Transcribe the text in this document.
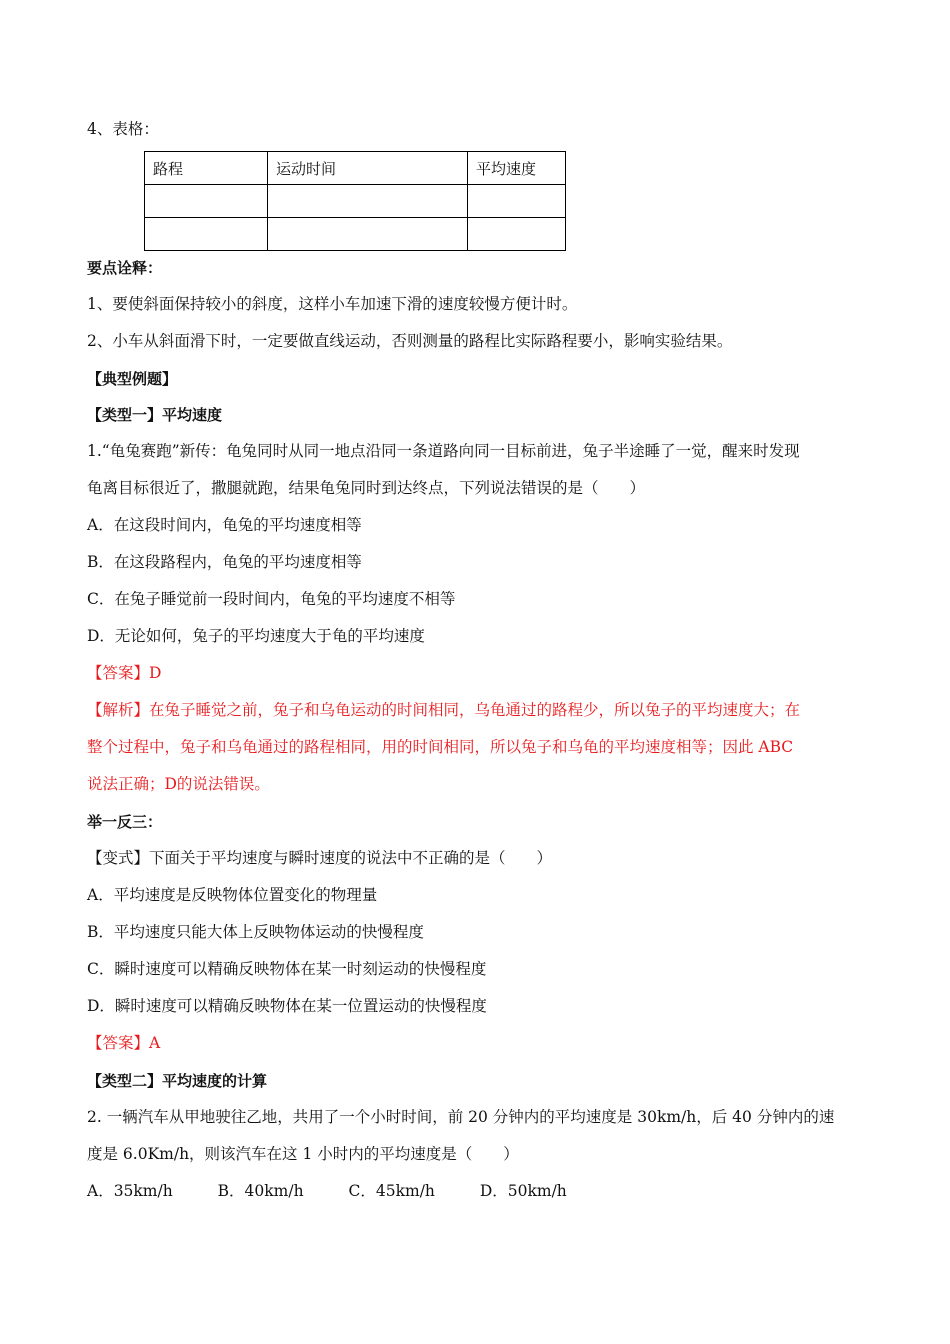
4、表格：
路程	运动时间	平均速度

要点诠释：
1、要使斜面保持较小的斜度，这样小车加速下滑的速度较慢方便计时。
2、小车从斜面滑下时，一定要做直线运动，否则测量的路程比实际路程要小，影响实验结果。
【典型例题】
【类型一】平均速度
1.“龟兔赛跑”新传：龟兔同时从同一地点沿同一条道路向同一目标前进，兔子半途睡了一觉，醒来时发现
龟离目标很近了，撒腿就跑，结果龟兔同时到达终点，下列说法错误的是（　　）
A．在这段时间内，龟兔的平均速度相等
B．在这段路程内，龟兔的平均速度相等
C．在兔子睡觉前一段时间内，龟兔的平均速度不相等
D．无论如何，兔子的平均速度大于龟的平均速度
【答案】D
【解析】在兔子睡觉之前，兔子和乌龟运动的时间相同，乌龟通过的路程少，所以兔子的平均速度大；在
整个过程中，兔子和乌龟通过的路程相同，用的时间相同，所以兔子和乌龟的平均速度相等；因此 ABC
说法正确；D的说法错误。
举一反三：
【变式】下面关于平均速度与瞬时速度的说法中不正确的是（　　）
A．平均速度是反映物体位置变化的物理量
B．平均速度只能大体上反映物体运动的快慢程度
C．瞬时速度可以精确反映物体在某一时刻运动的快慢程度
D．瞬时速度可以精确反映物体在某一位置运动的快慢程度
【答案】A
【类型二】平均速度的计算
2. 一辆汽车从甲地驶往乙地，共用了一个小时时间，前 20 分钟内的平均速度是 30km/h，后 40 分钟内的速
度是 6.0Km/h，则该汽车在这 1 小时内的平均速度是（　　）
A．35km/h	B．40km/h	C．45km/h	D．50km/h
